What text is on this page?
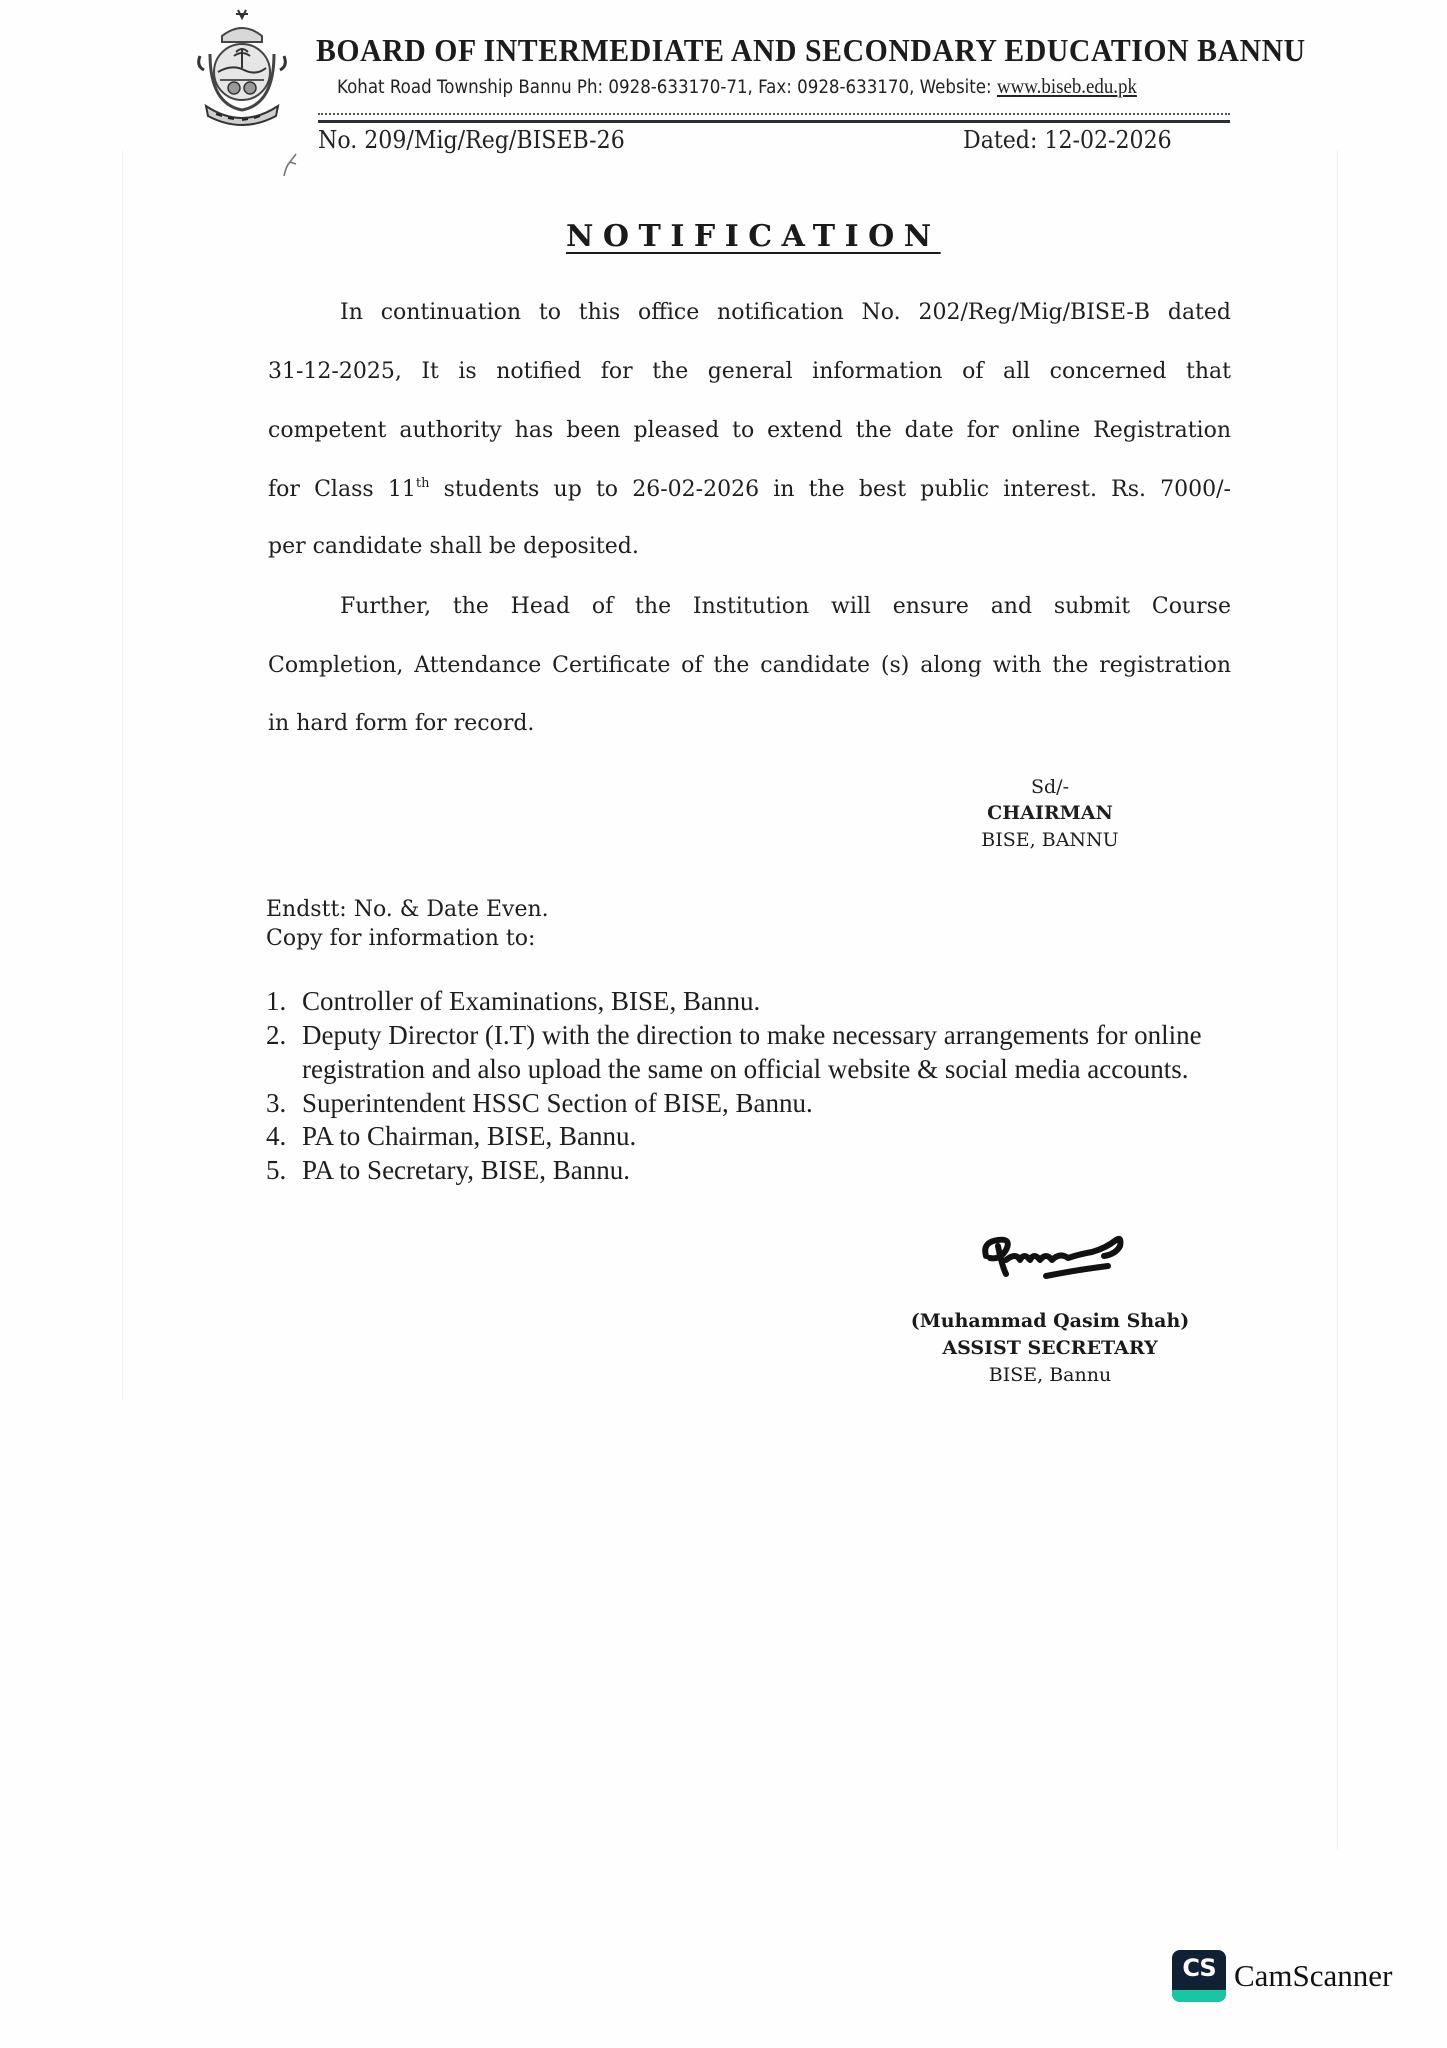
BOARD OF INTERMEDIATE AND SECONDARY EDUCATION BANNU
Kohat Road Township Bannu Ph: 0928-633170-71, Fax: 0928-633170, Website: www.biseb.edu.pk
No. 209/Mig/Reg/BISEB-26	Dated: 12-02-2026
NOTIFICATION
In continuation to this office notification No. 202/Reg/Mig/BISE-B dated
31-12-2025, It is notified for the general information of all concerned that
competent authority has been pleased to extend the date for online Registration
for Class 11th students up to 26-02-2026 in the best public interest. Rs. 7000/-
per candidate shall be deposited.
Further, the Head of the Institution will ensure and submit Course
Completion, Attendance Certificate of the candidate (s) along with the registration
in hard form for record.
Sd/-
CHAIRMAN
BISE, BANNU
Endstt: No. & Date Even.
Copy for information to:
1. Controller of Examinations, BISE, Bannu.
2. Deputy Director (I.T) with the direction to make necessary arrangements for online
registration and also upload the same on official website & social media accounts.
3. Superintendent HSSC Section of BISE, Bannu.
4. PA to Chairman, BISE, Bannu.
5. PA to Secretary, BISE, Bannu.
(Muhammad Qasim Shah)
ASSIST SECRETARY
BISE, Bannu
CS CamScanner
